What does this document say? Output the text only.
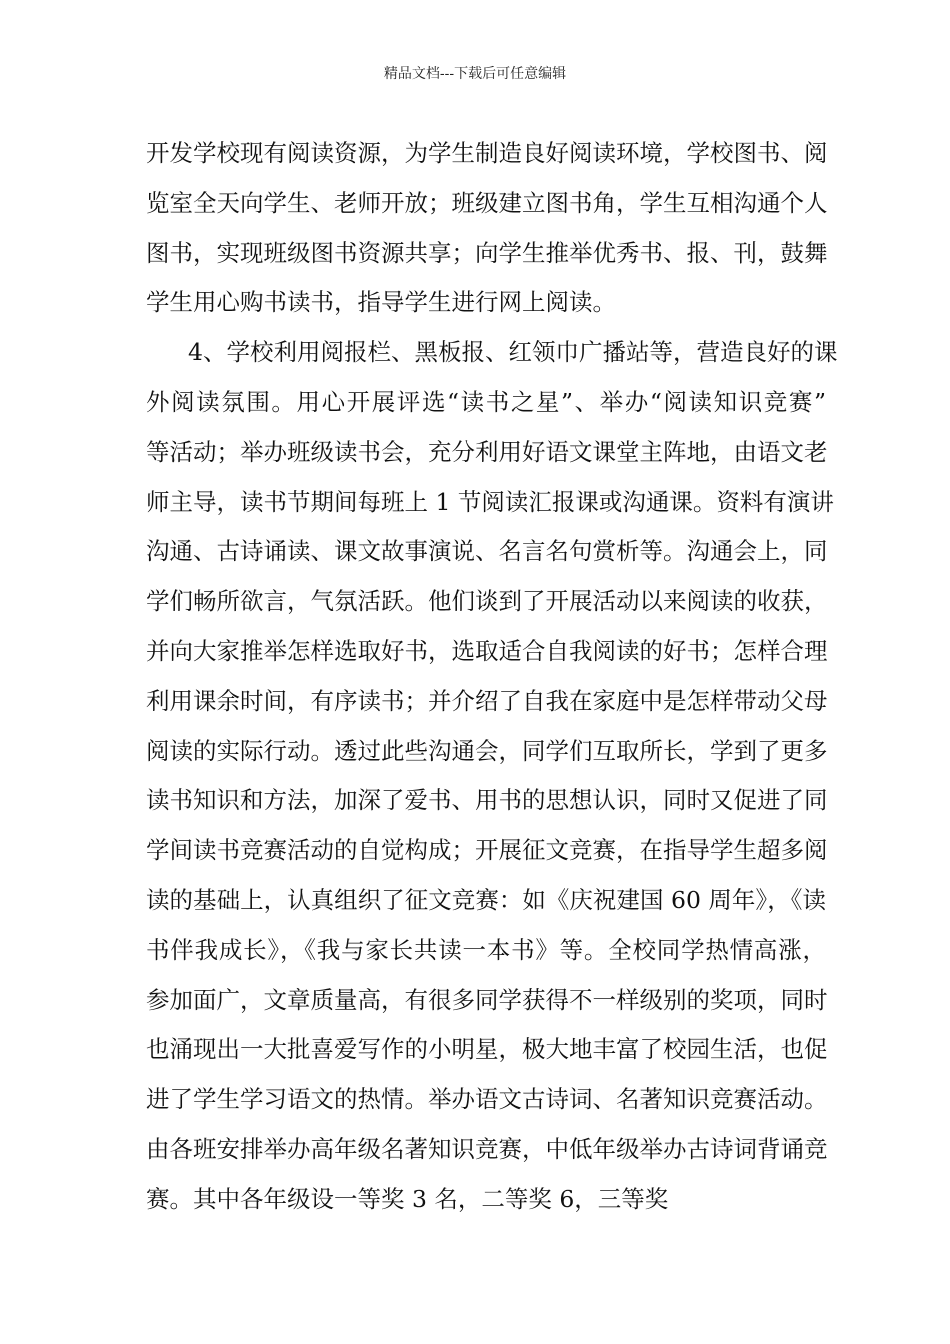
精品文档---下载后可任意编辑
开发学校现有阅读资源，为学生制造良好阅读环境，学校图书、阅
览室全天向学生、老师开放；班级建立图书角，学生互相沟通个人
图书，实现班级图书资源共享；向学生推举优秀书、报、刊，鼓舞
学生用心购书读书，指导学生进行网上阅读。
4、学校利用阅报栏、黑板报、红领巾广播站等，营造良好的课
外阅读氛围。用心开展评选“读书之星”、举办“阅读知识竞赛”
等活动；举办班级读书会，充分利用好语文课堂主阵地，由语文老
师主导，读书节期间每班上 1 节阅读汇报课或沟通课。资料有演讲
沟通、古诗诵读、课文故事演说、名言名句赏析等。沟通会上，同
学们畅所欲言，气氛活跃。他们谈到了开展活动以来阅读的收获，
并向大家推举怎样选取好书，选取适合自我阅读的好书；怎样合理
利用课余时间，有序读书；并介绍了自我在家庭中是怎样带动父母
阅读的实际行动。透过此些沟通会，同学们互取所长，学到了更多
读书知识和方法，加深了爱书、用书的思想认识，同时又促进了同
学间读书竞赛活动的自觉构成；开展征文竞赛，在指导学生超多阅
读的基础上，认真组织了征文竞赛：如《庆祝建国 60 周年》，《读
书伴我成长》，《我与家长共读一本书》等。全校同学热情高涨，
参加面广，文章质量高，有很多同学获得不一样级别的奖项，同时
也涌现出一大批喜爱写作的小明星，极大地丰富了校园生活，也促
进了学生学习语文的热情。举办语文古诗词、名著知识竞赛活动。
由各班安排举办高年级名著知识竞赛，中低年级举办古诗词背诵竞
赛。其中各年级设一等奖 3 名，二等奖 6，三等奖
